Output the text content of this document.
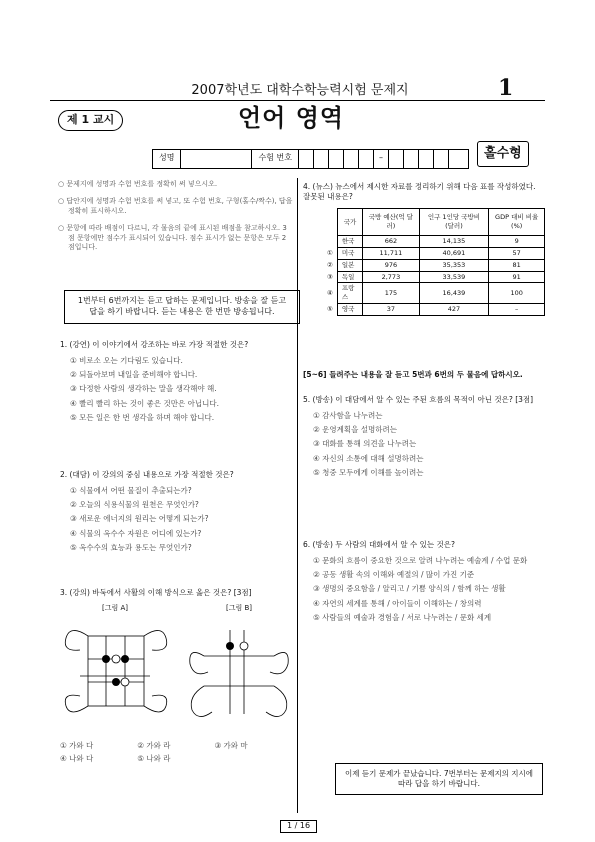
2007학년도 대학수학능력시험 문제지	1
제 1 교시	언어 영역
성명	수험 번호	–	홀수형
○ 문제지에 성명과 수험 번호를 정확히 써 넣으시오.
○ 답안지에 성명과 수험 번호를 써 넣고, 또 수험 번호, 구형(홀수/짝수), 답을 정확히 표시하시오.
○ 문항에 따라 배점이 다르니, 각 물음의 끝에 표시된 배점을 참고하시오. 3점 문항에만 점수가 표시되어 있습니다. 점수 표시가 없는 문항은 모두 2점입니다.
1번부터 6번까지는 듣고 답하는 문제입니다. 방송을 잘 듣고 답을 하기 바랍니다. 듣는 내용은 한 번만 방송됩니다.
1. (강연) 이 이야기에서 강조하는 바로 가장 적절한 것은?
① 비로소 오는 기다림도 있습니다.
② 되돌아보며 내일을 준비해야 합니다.
③ 다정한 사람의 생각하는 말을 생각해야 해.
④ 빨리 빨리 하는 것이 좋은 것만은 아닙니다.
⑤ 모든 일은 한 번 생각을 하며 해야 합니다.
2. (대담) 이 강의의 중심 내용으로 가장 적절한 것은?
① 식물에서 어떤 물질이 추출되는가?
② 오늘의 식용식물의 원천은 무엇인가?
③ 새로운 에너지의 원리는 어떻게 되는가?
④ 식물의 옥수수 자원은 어디에 있는가?
⑤ 옥수수의 효능과 용도는 무엇인가?
3. (강의) 바둑에서 사활의 이해 방식으로 옳은 것은? [3점]
[그림 A]	[그림 B]
① 가와 다	② 가와 라	③ 가와 마
④ 나와 다	⑤ 나와 라
4. (뉴스) 뉴스에서 제시한 자료를 정리하기 위해 다음 표를 작성하였다. 잘못된 내용은?
	국가	국방 예산(억 달러)	인구 1인당 국방비(달러)	GDP 대비 비율(%)
	한국	662	14,135	9
①	미국	11,711	40,691	57
②	일본	976	35,353	81
③	독일	2,773	33,539	91
④	프랑스	175	16,439	100
⑤	영국	37	427	–
[5~6] 들려주는 내용을 잘 듣고 5번과 6번의 두 물음에 답하시오.
5. (방송) 이 대담에서 알 수 있는 주된 흐름의 목적이 아닌 것은? [3점]
① 감사함을 나누려는
② 운영계획을 설명하려는
③ 대화를 통해 의견을 나누려는
④ 자신의 소통에 대해 설명하려는
⑤ 청중 모두에게 이해를 높이려는
6. (방송) 두 사람의 대화에서 알 수 있는 것은?
① 문화의 흐름이 중요한 것으로 알려 나누려는 예술계 / 수업 문화
② 공동 생활 속의 이해와 예절의 / 많이 가진 기준
③ 생명의 중요함을 / 알리고 / 기쁨 양식의 / 함께 하는 생활
④ 자연의 세계를 통해 / 아이들이 이해하는 / 창의력
⑤ 사람들의 예술과 경험을 / 서로 나누려는 / 문화 세계
이제 듣기 문제가 끝났습니다. 7번부터는 문제지의 지시에 따라 답을 하기 바랍니다.
1 / 16
